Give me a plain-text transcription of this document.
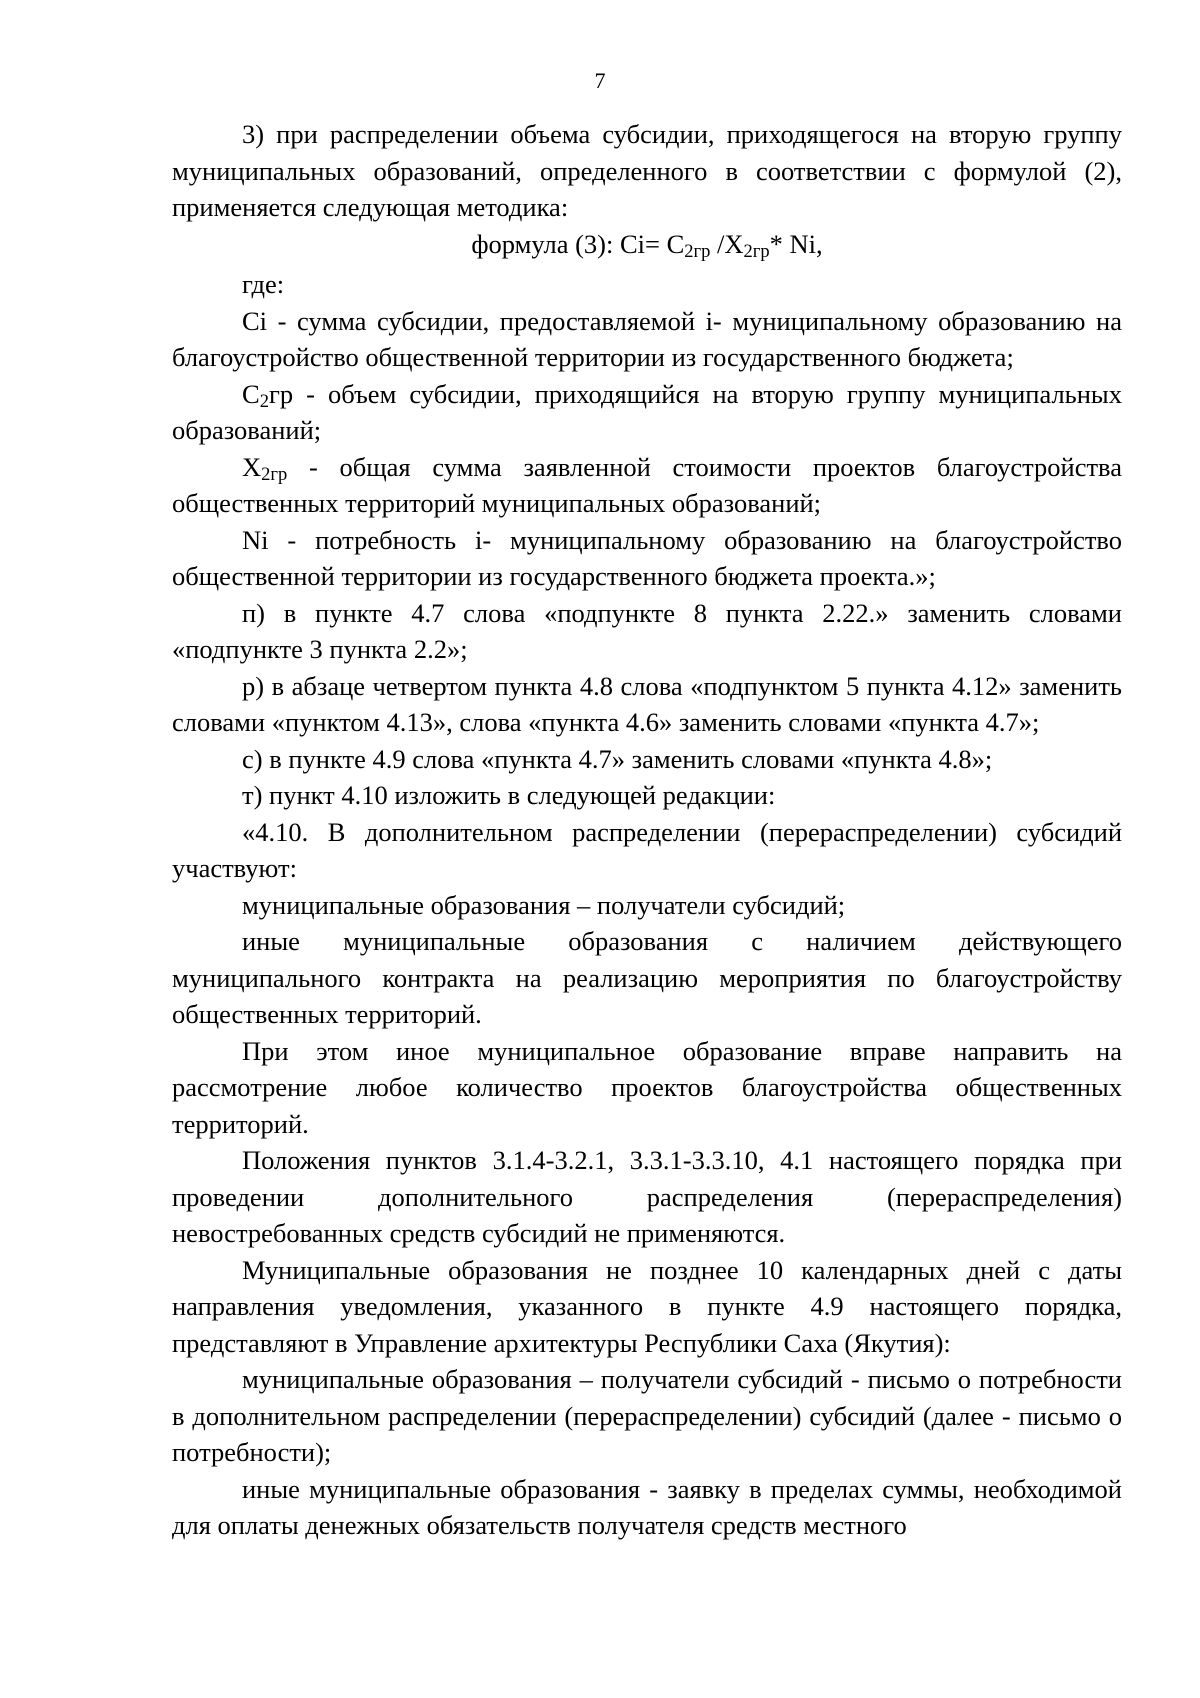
7

3) при распределении объема субсидии, приходящегося на вторую группу муниципальных образований, определенного в соответствии с формулой (2), применяется следующая методика:

формула (3): $Ci= C_{2гр}$ $/X_{2гр}*$ Ni,

где:

Ci - сумма субсидии, предоставляемой i- муниципальному образованию на благоустройство общественной территории из государственного бюджета;

$C_2гр$ - объем субсидии, приходящийся на вторую группу муниципальных образований;

$X_{2гр}$ - общая сумма заявленной стоимости проектов благоустройства общественных территорий муниципальных образований;

Ni - потребность i- муниципальному образованию на благоустройство общественной территории из государственного бюджета проекта.»;

п) в пункте 4.7 слова «подпункте 8 пункта 2.22.» заменить словами «подпункте 3 пункта 2.2»;

р) в абзаце четвертом пункта 4.8 слова «подпунктом 5 пункта 4.12» заменить словами «пунктом 4.13», слова «пункта 4.6» заменить словами «пункта 4.7»;

с) в пункте 4.9 слова «пункта 4.7» заменить словами «пункта 4.8»;

т) пункт 4.10 изложить в следующей редакции:

«4.10. В дополнительном распределении (перераспределении) субсидий участвуют:

муниципальные образования – получатели субсидий;

иные муниципальные образования с наличием действующего муниципального контракта на реализацию мероприятия по благоустройству общественных территорий.

При этом иное муниципальное образование вправе направить на рассмотрение любое количество проектов благоустройства общественных территорий.

Положения пунктов 3.1.4-3.2.1, 3.3.1-3.3.10, 4.1 настоящего порядка при проведении дополнительного распределения (перераспределения) невостребованных средств субсидий не применяются.

Муниципальные образования не позднее 10 календарных дней с даты направления уведомления, указанного в пункте 4.9 настоящего порядка, представляют в Управление архитектуры Республики Саха (Якутия):

муниципальные образования – получатели субсидий - письмо о потребности в дополнительном распределении (перераспределении) субсидий (далее - письмо о потребности);

иные муниципальные образования - заявку в пределах суммы, необходимой для оплаты денежных обязательств получателя средств местного
